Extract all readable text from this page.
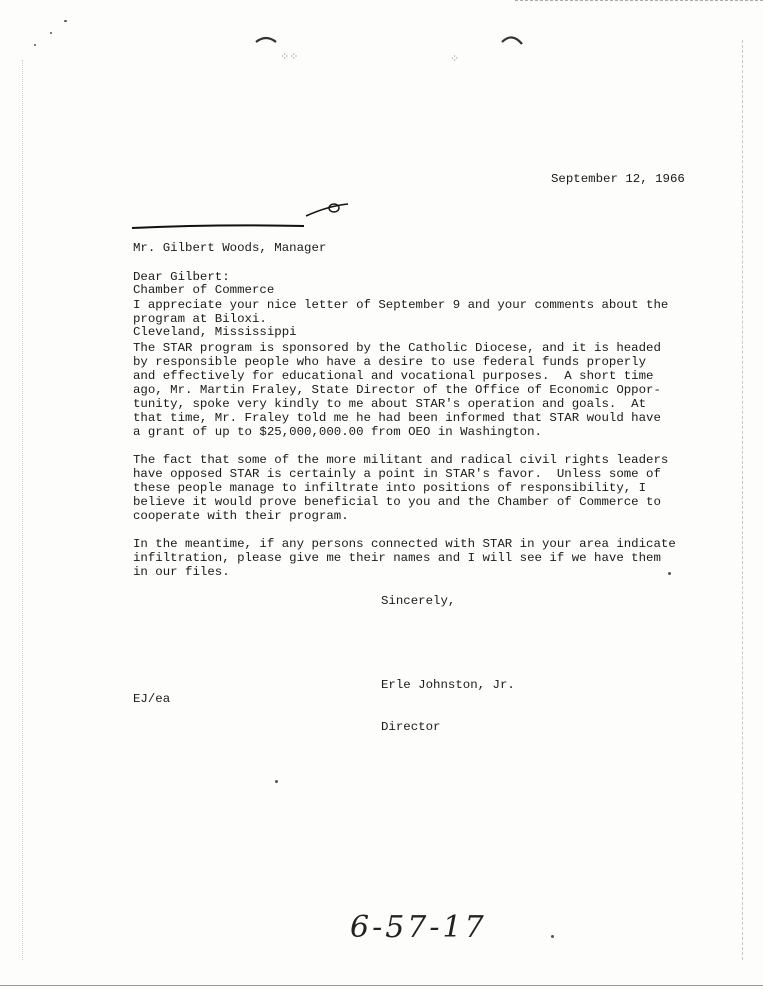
⁘⁘	⁘
September 12, 1966

Mr. Gilbert Woods, Manager

Chamber of Commerce

Cleveland, Mississippi

Dear Gilbert:
I appreciate your nice letter of September 9 and your comments about the
program at Biloxi.
The STAR program is sponsored by the Catholic Diocese, and it is headed
by responsible people who have a desire to use federal funds properly
and effectively for educational and vocational purposes.  A short time
ago, Mr. Martin Fraley, State Director of the Office of Economic Oppor-
tunity, spoke very kindly to me about STAR's operation and goals.  At
that time, Mr. Fraley told me he had been informed that STAR would have
a grant of up to $25,000,000.00 from OEO in Washington.
The fact that some of the more militant and radical civil rights leaders
have opposed STAR is certainly a point in STAR's favor.  Unless some of
these people manage to infiltrate into positions of responsibility, I
believe it would prove beneficial to you and the Chamber of Commerce to
cooperate with their program.
In the meantime, if any persons connected with STAR in your area indicate
infiltration, please give me their names and I will see if we have them
in our files.
Sincerely,

Erle Johnston, Jr.

Director

EJ/ea
6-57-17
